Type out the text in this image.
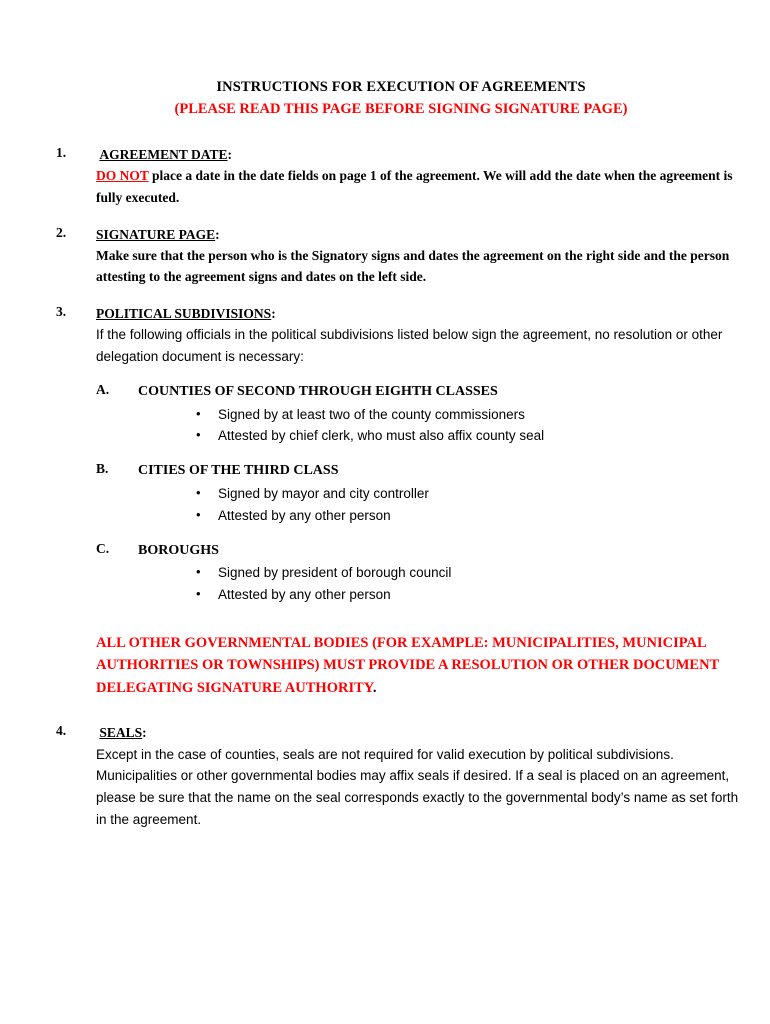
INSTRUCTIONS FOR EXECUTION OF AGREEMENTS
(PLEASE READ THIS PAGE BEFORE SIGNING SIGNATURE PAGE)
1.	AGREEMENT DATE:
DO NOT place a date in the date fields on page 1 of the agreement. We will add the date when the agreement is fully executed.
2.	SIGNATURE PAGE:
Make sure that the person who is the Signatory signs and dates the agreement on the right side and the person attesting to the agreement signs and dates on the left side.
3.	POLITICAL SUBDIVISIONS:
If the following officials in the political subdivisions listed below sign the agreement, no resolution or other delegation document is necessary:
A.	COUNTIES OF SECOND THROUGH EIGHTH CLASSES
• Signed by at least two of the county commissioners
• Attested by chief clerk, who must also affix county seal
B.	CITIES OF THE THIRD CLASS
• Signed by mayor and city controller
• Attested by any other person
C.	BOROUGHS
• Signed by president of borough council
• Attested by any other person
ALL OTHER GOVERNMENTAL BODIES (FOR EXAMPLE: MUNICIPALITIES, MUNICIPAL AUTHORITIES OR TOWNSHIPS) MUST PROVIDE A RESOLUTION OR OTHER DOCUMENT DELEGATING SIGNATURE AUTHORITY.
4.	SEALS:
Except in the case of counties, seals are not required for valid execution by political subdivisions. Municipalities or other governmental bodies may affix seals if desired. If a seal is placed on an agreement, please be sure that the name on the seal corresponds exactly to the governmental body’s name as set forth in the agreement.
